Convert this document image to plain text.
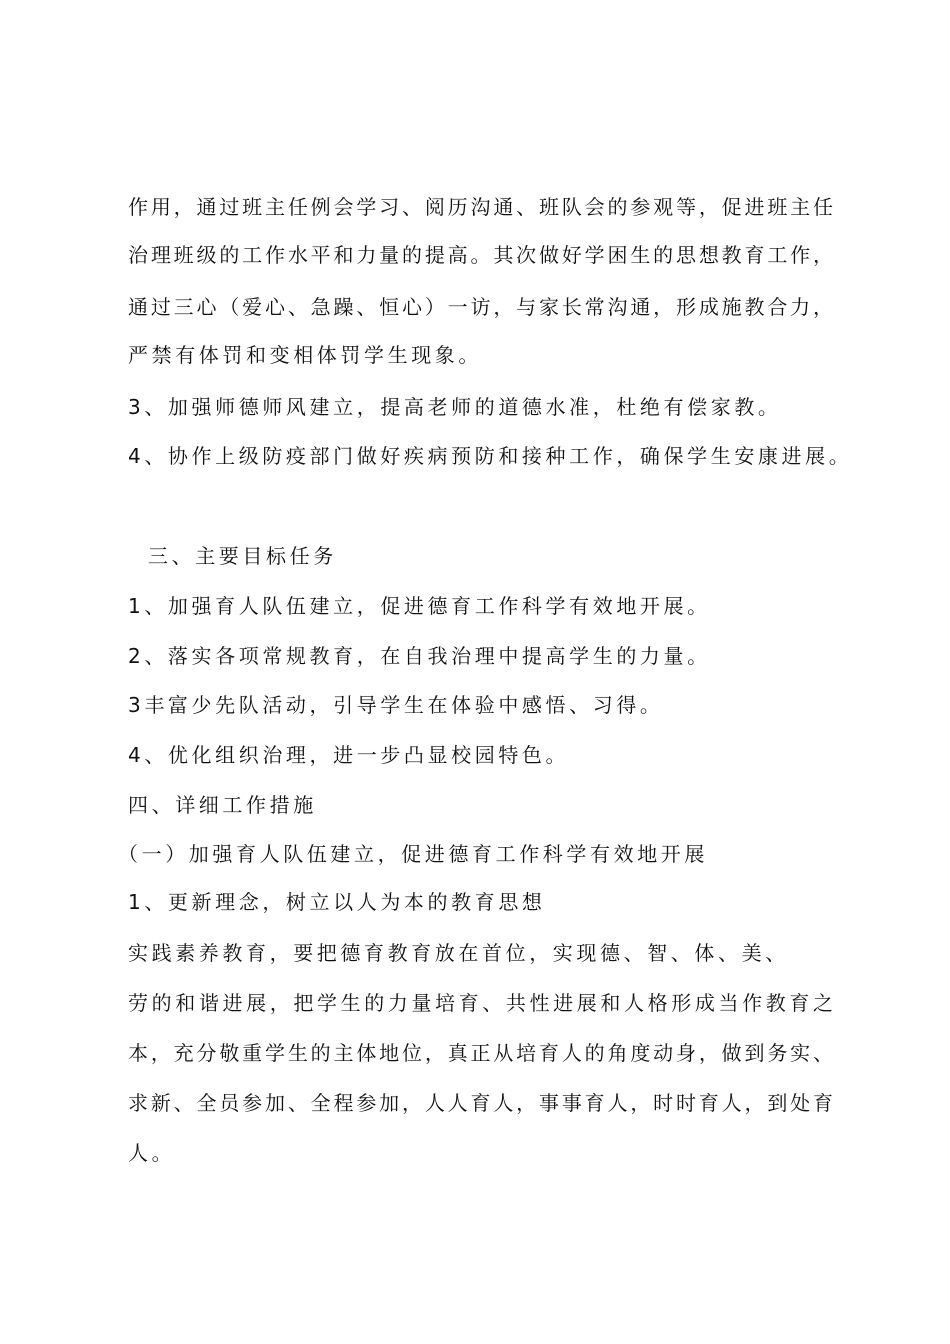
作用，通过班主任例会学习、阅历沟通、班队会的参观等，促进班主任
治理班级的工作水平和力量的提高。其次做好学困生的思想教育工作，
通过三心（爱心、急躁、恒心）一访，与家长常沟通，形成施教合力，
严禁有体罚和变相体罚学生现象。
3、加强师德师风建立，提高老师的道德水准，杜绝有偿家教。
4、协作上级防疫部门做好疾病预防和接种工作，确保学生安康进展。
三、主要目标任务
1、加强育人队伍建立，促进德育工作科学有效地开展。
2、落实各项常规教育，在自我治理中提高学生的力量。
3丰富少先队活动，引导学生在体验中感悟、习得。
4、优化组织治理，进一步凸显校园特色。
四、详细工作措施
（一）加强育人队伍建立，促进德育工作科学有效地开展
1、更新理念，树立以人为本的教育思想
实践素养教育，要把德育教育放在首位，实现德、智、体、美、
劳的和谐进展，把学生的力量培育、共性进展和人格形成当作教育之
本，充分敬重学生的主体地位，真正从培育人的角度动身，做到务实、
求新、全员参加、全程参加，人人育人，事事育人，时时育人，到处育
人。
